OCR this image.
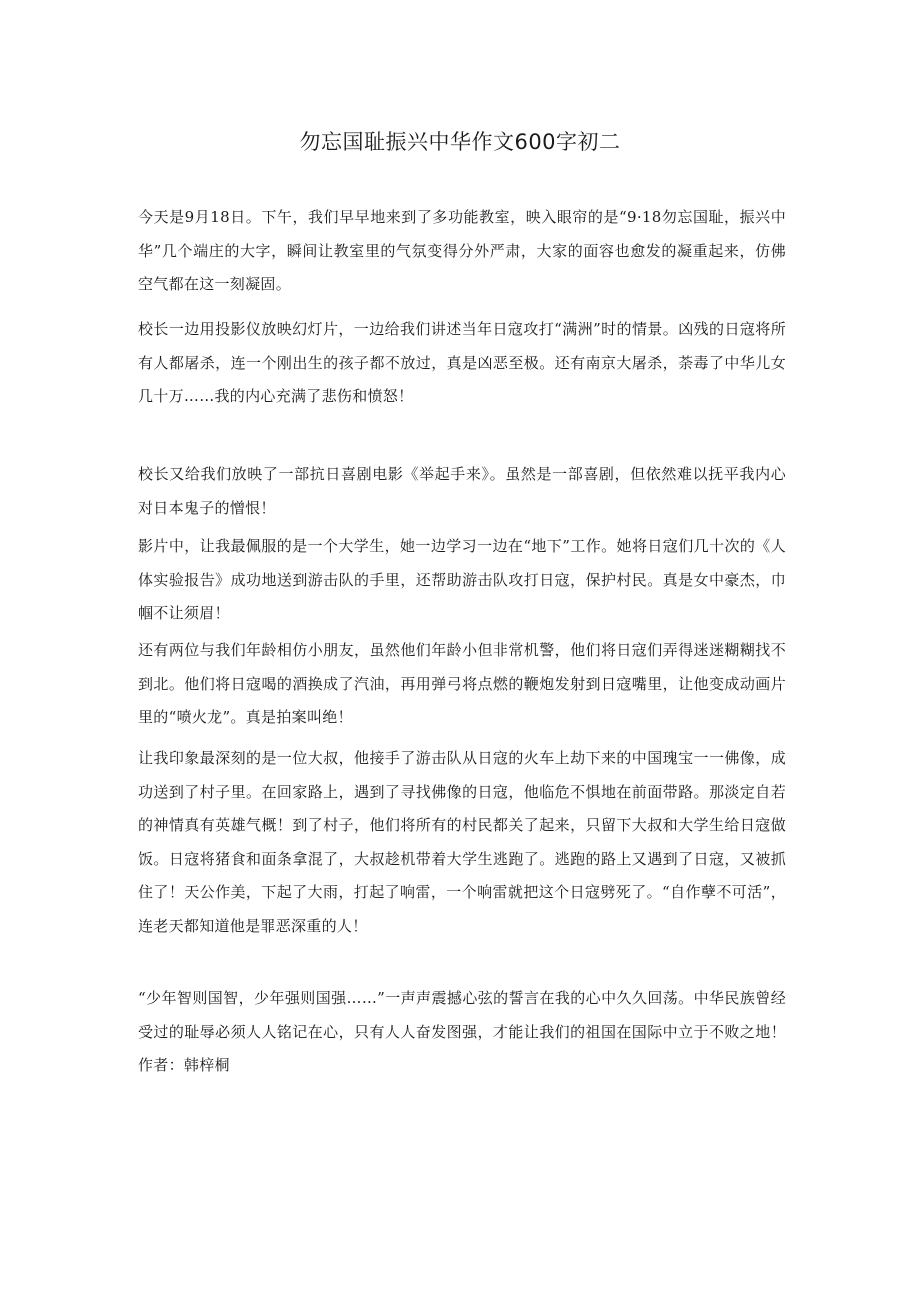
勿忘国耻振兴中华作文600字初二

今天是9月18日。下午，我们早早地来到了多功能教室，映入眼帘的是“9·18勿忘国耻，振兴中华”几个端庄的大字，瞬间让教室里的气氛变得分外严肃，大家的面容也愈发的凝重起来，仿佛空气都在这一刻凝固。

校长一边用投影仪放映幻灯片，一边给我们讲述当年日寇攻打“满洲”时的情景。凶残的日寇将所有人都屠杀，连一个刚出生的孩子都不放过，真是凶恶至极。还有南京大屠杀，荼毒了中华儿女几十万……我的内心充满了悲伤和愤怒！

校长又给我们放映了一部抗日喜剧电影《举起手来》。虽然是一部喜剧，但依然难以抚平我内心对日本鬼子的憎恨！

影片中，让我最佩服的是一个大学生，她一边学习一边在“地下”工作。她将日寇们几十次的《人体实验报告》成功地送到游击队的手里，还帮助游击队攻打日寇，保护村民。真是女中豪杰，巾帼不让须眉！

还有两位与我们年龄相仿小朋友，虽然他们年龄小但非常机警，他们将日寇们弄得迷迷糊糊找不到北。他们将日寇喝的酒换成了汽油，再用弹弓将点燃的鞭炮发射到日寇嘴里，让他变成动画片里的“喷火龙”。真是拍案叫绝！

让我印象最深刻的是一位大叔，他接手了游击队从日寇的火车上劫下来的中国瑰宝一一佛像，成功送到了村子里。在回家路上，遇到了寻找佛像的日寇，他临危不惧地在前面带路。那淡定自若的神情真有英雄气概！到了村子，他们将所有的村民都关了起来，只留下大叔和大学生给日寇做饭。日寇将猪食和面条拿混了，大叔趁机带着大学生逃跑了。逃跑的路上又遇到了日寇，又被抓住了！天公作美，下起了大雨，打起了响雷，一个响雷就把这个日寇劈死了。“自作孽不可活”，连老天都知道他是罪恶深重的人！

“少年智则国智，少年强则国强……”一声声震撼心弦的誓言在我的心中久久回荡。中华民族曾经受过的耻辱必须人人铭记在心，只有人人奋发图强，才能让我们的祖国在国际中立于不败之地！作者：韩梓桐
